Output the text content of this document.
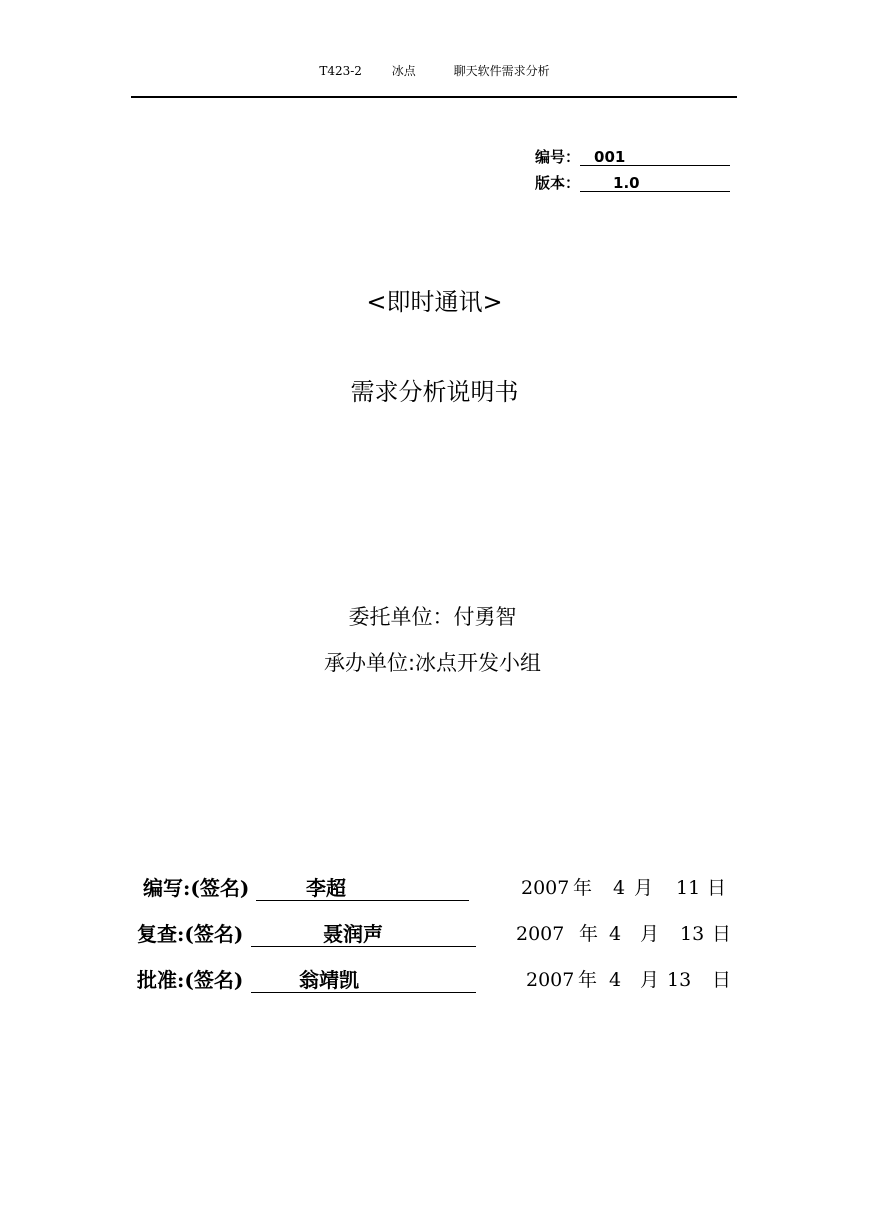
T423-2 冰点	聊天软件需求分析
编号： 001
版本： 1.0
<即时通讯>
需求分析说明书
委托单位：付勇智
承办单位:冰点开发小组
编写:(签名)	李超	2007 年 4 月 11 日
复查:(签名)	聂润声	2007 年 4 月 13 日
批准:(签名)	翁靖凯	2007 年 4 月 13 日
